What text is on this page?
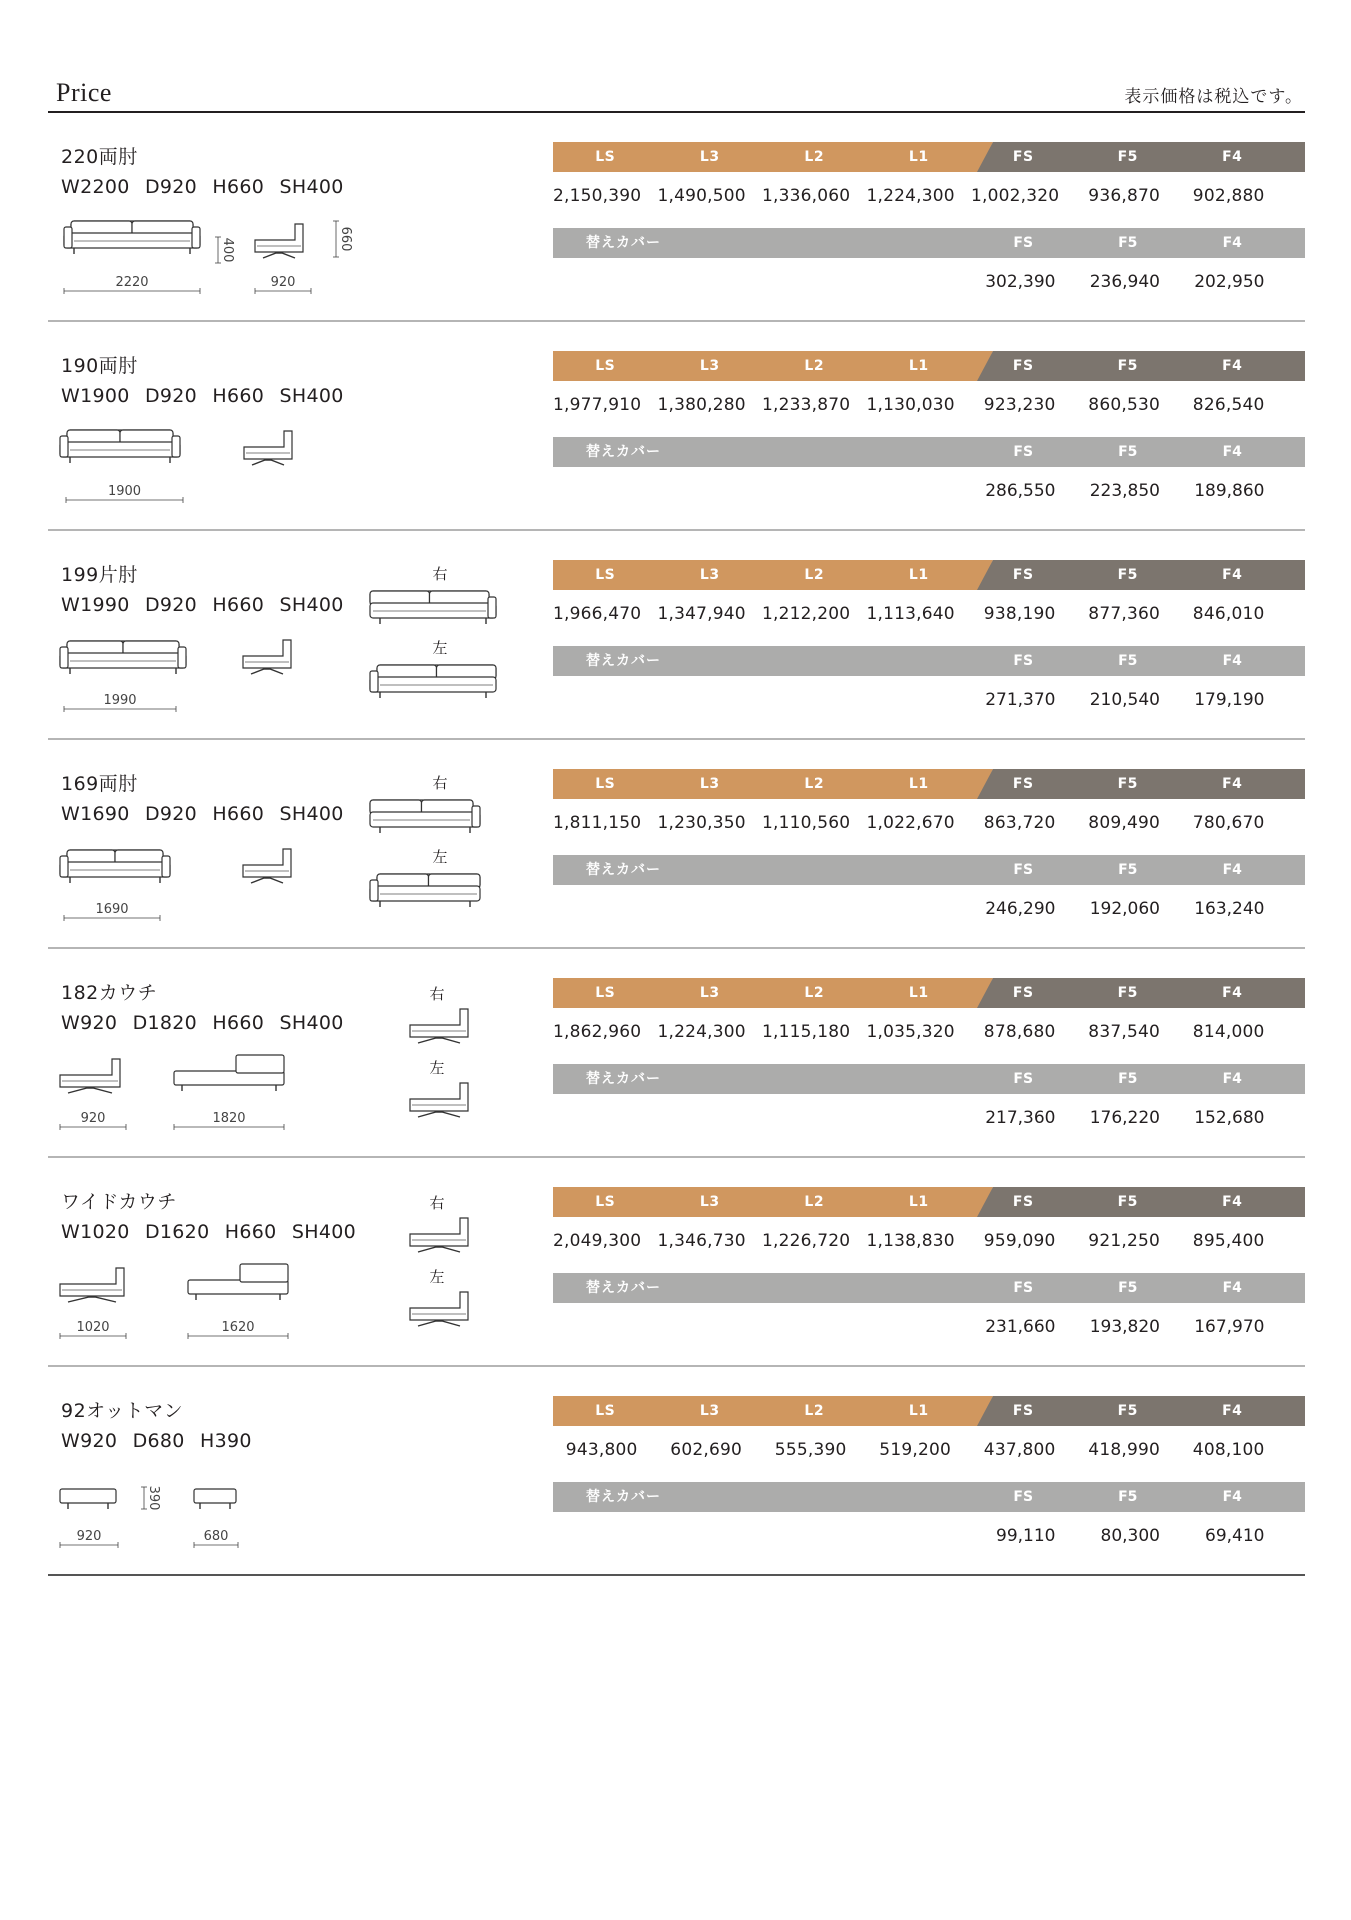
Price	表示価格は税込です。
400	660
2220	920
220両肘
W2200 D920 H660 SH400
LS	L3	L2	L1	FS	F5	F4
2,150,390 1,490,500 1,336,060 1,224,300 1,002,320	936,870	902,880
替えカバー	FS	F5	F4
302,390	236,940	202,950
1900
190両肘
W1900 D920 H660 SH400
LS	L3	L2	L1	FS	F5	F4
1,977,910 1,380,280 1,233,870 1,130,030	923,230	860,530	826,540
替えカバー	FS	F5	F4
286,550	223,850	189,860
1990
右
左
199片肘
W1990 D920 H660 SH400
LS	L3	L2	L1	FS	F5	F4
1,966,470 1,347,940 1,212,200 1,113,640	938,190	877,360	846,010
替えカバー	FS	F5	F4
271,370	210,540	179,190
1690
右
左
169両肘
W1690 D920 H660 SH400
LS	L3	L2	L1	FS	F5	F4
1,811,150 1,230,350 1,110,560 1,022,670	863,720	809,490	780,670
替えカバー	FS	F5	F4
246,290	192,060	163,240
920	1820
右
左
182カウチ
W920 D1820 H660 SH400
LS	L3	L2	L1	FS	F5	F4
1,862,960 1,224,300 1,115,180 1,035,320	878,680	837,540	814,000
替えカバー	FS	F5	F4
217,360	176,220	152,680
1020	1620
右
左
ワイドカウチ
W1020 D1620 H660 SH400
LS	L3	L2	L1	FS	F5	F4
2,049,300 1,346,730 1,226,720 1,138,830	959,090	921,250	895,400
替えカバー	FS	F5	F4
231,660	193,820	167,970
390
920	680
92オットマン
W920 D680 H390
LS	L3	L2	L1	FS	F5	F4
943,800	602,690	555,390	519,200	437,800	418,990	408,100
替えカバー	FS	F5	F4
99,110	80,300	69,410
